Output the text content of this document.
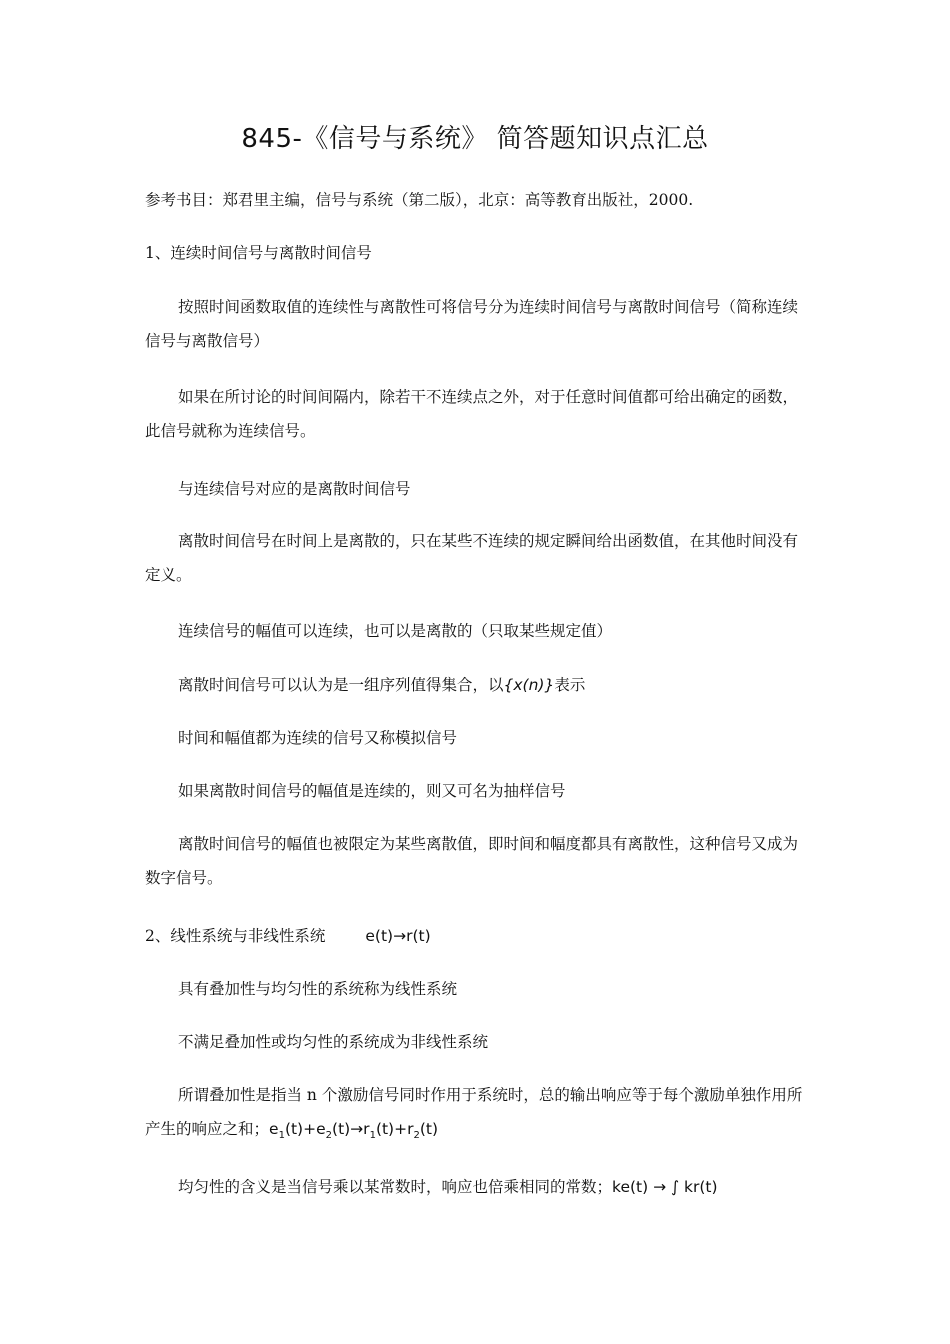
845-《信号与系统》 简答题知识点汇总
参考书目：郑君里主编，信号与系统（第二版），北京：高等教育出版社，2000.
1、连续时间信号与离散时间信号
按照时间函数取值的连续性与离散性可将信号分为连续时间信号与离散时间信号（简称连续信号与离散信号）
如果在所讨论的时间间隔内，除若干不连续点之外，对于任意时间值都可给出确定的函数，此信号就称为连续信号。
与连续信号对应的是离散时间信号
离散时间信号在时间上是离散的，只在某些不连续的规定瞬间给出函数值，在其他时间没有定义。
连续信号的幅值可以连续，也可以是离散的（只取某些规定值）
离散时间信号可以认为是一组序列值得集合，以{x(n)}表示
时间和幅值都为连续的信号又称模拟信号
如果离散时间信号的幅值是连续的，则又可名为抽样信号
离散时间信号的幅值也被限定为某些离散值，即时间和幅度都具有离散性，这种信号又成为数字信号。
2、线性系统与非线性系统	e(t)→r(t)
具有叠加性与均匀性的系统称为线性系统
不满足叠加性或均匀性的系统成为非线性系统
所谓叠加性是指当 n 个激励信号同时作用于系统时，总的输出响应等于每个激励单独作用所产生的响应之和；$e_1(t)+e_2(t)\to r_1(t)+r_2(t)$
均匀性的含义是当信号乘以某常数时，响应也倍乘相同的常数；ke(t) → ∫ kr(t)
